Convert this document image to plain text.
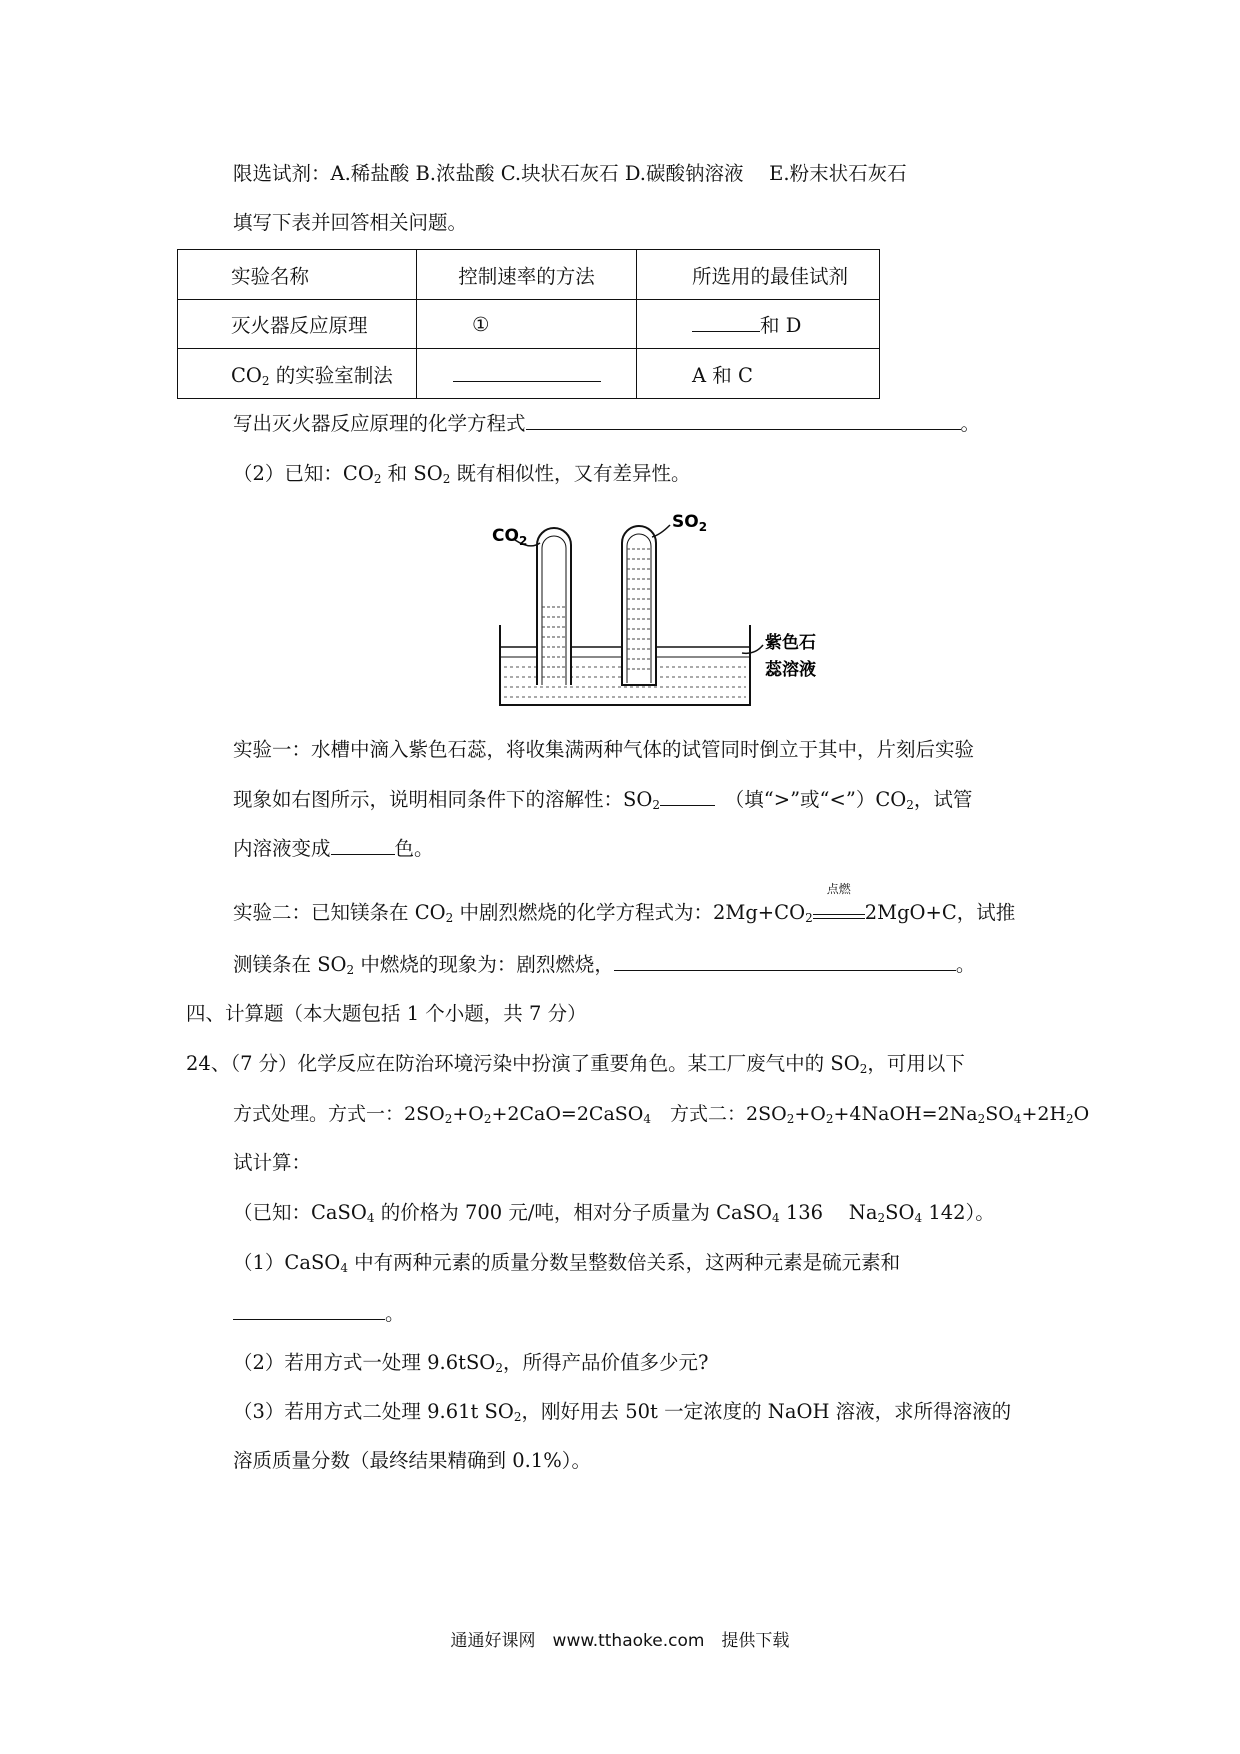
限选试剂：A.稀盐酸 B.浓盐酸 C.块状石灰石 D.碳酸钠溶液　 E.粉末状石灰石
填写下表并回答相关问题。
实验名称	控制速率的方法	所选用的最佳试剂
灭火器反应原理	①	和 D
$CO_2$ 的实验室制法		A 和 C
写出灭火器反应原理的化学方程式	。
（2）已知：$CO_2$ 和 $SO_2$ 既有相似性，又有差异性。
$CO_2$
$SO_2$
紫色石
蕊溶液
实验一：水槽中滴入紫色石蕊，将收集满两种气体的试管同时倒立于其中，片刻后实验
现象如右图所示，说明相同条件下的溶解性：$SO_2$　	（填“>”或“$<”)CO_2$，试管
内溶液变成	色。
实验二：已知镁条在 $CO_2$ 中剧烈燃烧的化学方程式为：$2Mg+CO_2$
点燃
2MgO+C，试推
测镁条在 $SO_2$ 中燃烧的现象为：剧烈燃烧，	。
四、计算题（本大题包括 1 个小题，共 7 分）
24、（7 分）化学反应在防治环境污染中扮演了重要角色。某工厂废气中的 $SO_2$，可用以下
方式处理。方式一：$2SO_2+O_2+2CaO=2CaSO_4$　方式二：$2SO_2+O_2+4NaOH=2Na_2SO_4+2H_2O$
试计算：
（已知：CaSO$_4$ 的价格为 700 元/吨，相对分子质量为 CaSO$_4$ 136　 $Na_2SO_4$ 142）。
（1）CaSO$_4$ 中有两种元素的质量分数呈整数倍关系，这两种元素是硫元素和
。
（2）若用方式一处理 9.6tSO$_2$，所得产品价值多少元?
（3）若用方式二处理 9.61t $SO_2$，刚好用去 50t 一定浓度的 NaOH 溶液，求所得溶液的
溶质质量分数（最终结果精确到 0.1%）。
通通好课网　www.tthaoke.com　提供下载
